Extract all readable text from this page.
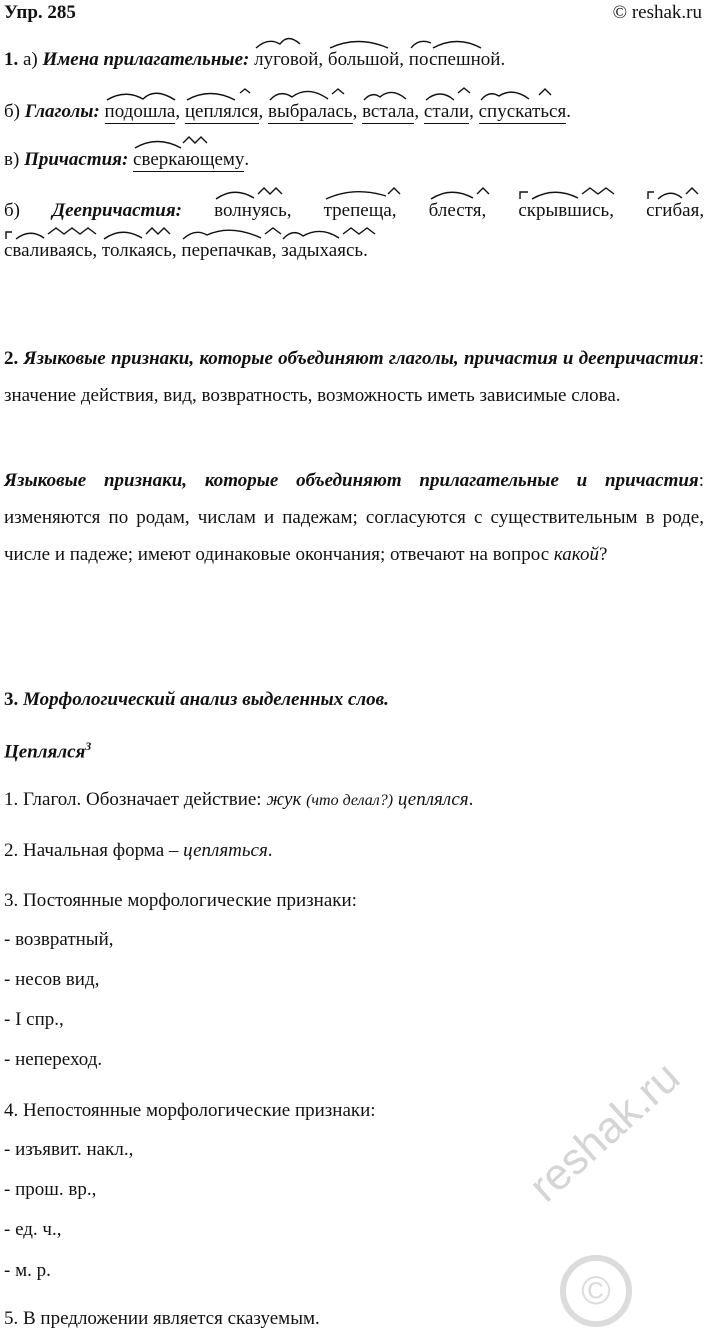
Упр. 285	© reshak.ru
1. а) Имена прилагательные: луговой,
большой,
поспешной.
б) Глаголы: подошла,
цеплялся,
выбралась,
встала,
стали,
спускаться.
в) Причастия: сверкающему.
б) Деепричастия: волнуясь,
трепеща,
блестя,
скрывшись,
сгибая,
сваливаясь,
толкаясь,
перепачкав,
задыхаясь.
2. Языковые признаки, которые объединяют глаголы, причастия и деепричастия: значение действия, вид, возвратность, возможность иметь зависимые слова.
Языковые признаки, которые объединяют прилагательные и причастия: изменяются по родам, числам и падежам; согласуются с существительным в роде, числе и падеже; имеют одинаковые окончания; отвечают на вопрос какой?
3. Морфологический анализ выделенных слов.
Цеплялся$^3$
1. Глагол. Обозначает действие: жук (что делал?) цеплялся.
2. Начальная форма – цепляться.
3. Постоянные морфологические признаки:
- возвратный,
- несов вид,
- I спр.,
- непереход.
4. Непостоянные морфологические признаки:
- изъявит. накл.,
- прош. вр.,
- ед. ч.,
- м. р.
5. В предложении является сказуемым.
reshak.ru
©
